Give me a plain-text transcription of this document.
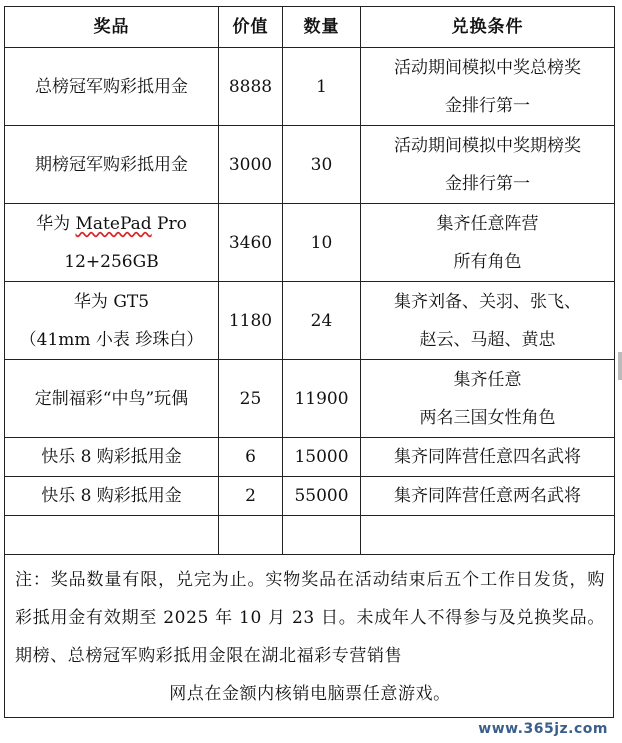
奖品	价值	数量	兑换条件
总榜冠军购彩抵用金	8888	1	活动期间模拟中奖总榜奖
金排行第一

期榜冠军购彩抵用金	3000	30	活动期间模拟中奖期榜奖
金排行第一

华为 MatePad Pro
12+256GB	3460	10	集齐任意阵营
所有角色

华为 GT5
（41mm 小表 珍珠白）	1180	24	集齐刘备、关羽、张飞、
赵云、马超、黄忠

定制福彩“中鸟”玩偶	25	11900	集齐任意
两名三国女性角色

快乐 8 购彩抵用金	6	15000	集齐同阵营任意四名武将
快乐 8 购彩抵用金	2	55000	集齐同阵营任意两名武将

注：奖品数量有限，兑完为止。实物奖品在活动结束后五个工作日发货，购彩抵用金有效期至 2025 年 10 月 23 日。未成年人不得参与及兑换奖品。期榜、总榜冠军购彩抵用金限在湖北福彩专营销售
网点在金额内核销电脑票任意游戏。
www.365jz.com
